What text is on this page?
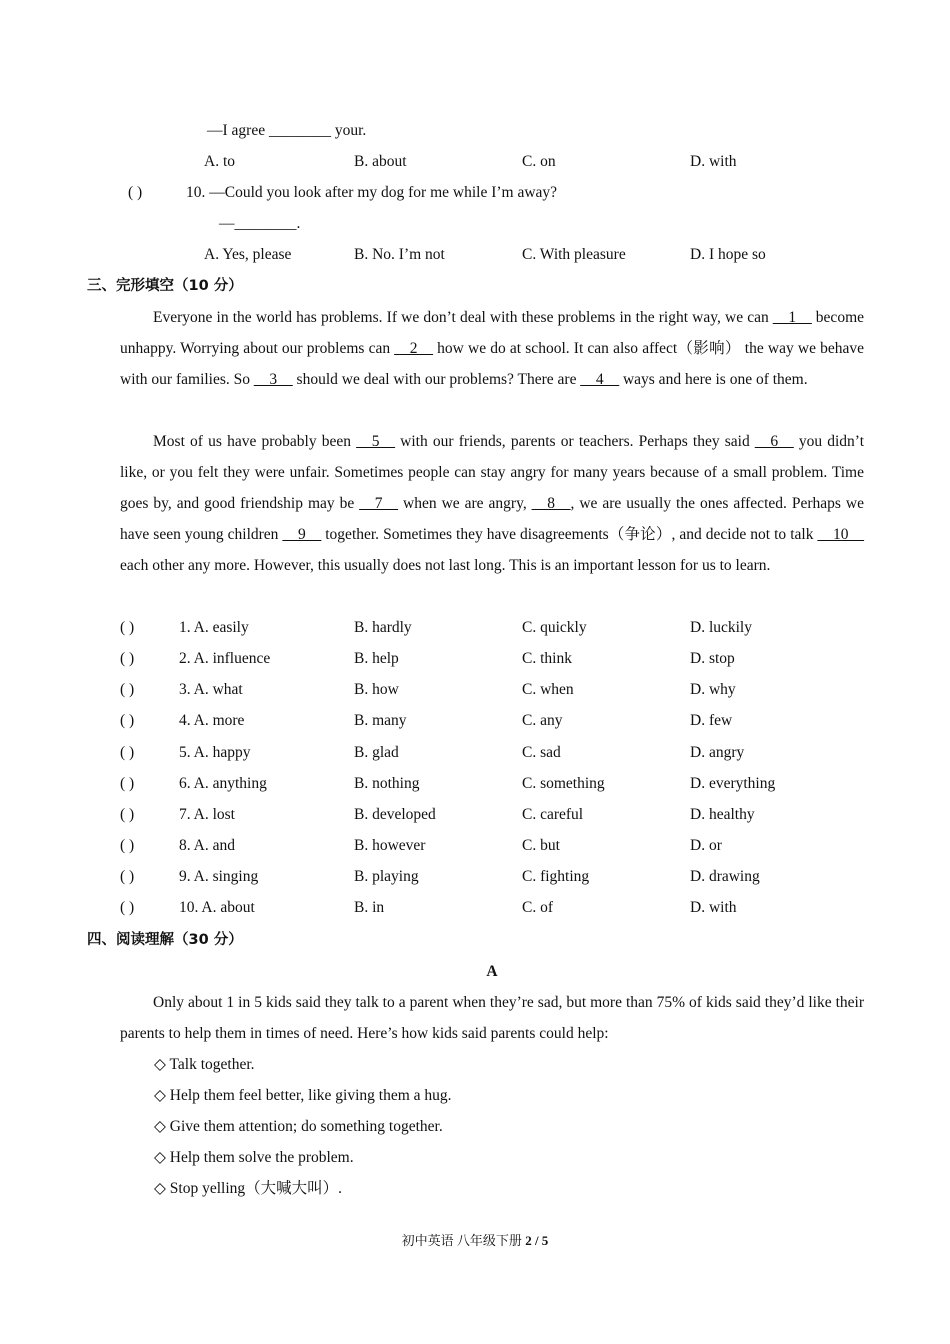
—I agree ________ your.
A. to	B. about	C. on	D. with
( )	10. —Could you look after my dog for me while I’m away?
—________.
A. Yes, please	B. No. I’m not	C. With pleasure	D. I hope so
三、完形填空（10 分）

Everyone in the world has problems. If we don’t deal with these problems in the right way, we can __1__ become unhappy. Worrying about our problems can __2__ how we do at school. It can also affect（影响） the way we behave with our families. So __3__ should we deal with our problems? There are __4__ ways and here is one of them.

Most of us have probably been __5__ with our friends, parents or teachers. Perhaps they said __6__ you didn’t like, or you felt they were unfair. Sometimes people can stay angry for many years because of a small problem. Time goes by, and good friendship may be __7__ when we are angry, __8__, we are usually the ones affected. Perhaps we have seen young children __9__ together. Sometimes they have disagreements（争论）, and decide not to talk __10__ each other any more. However, this usually does not last long. This is an important lesson for us to learn.

( )	1. A. easily	B. hardly	C. quickly	D. luckily
( )	2. A. influence	B. help	C. think	D. stop
( )	3. A. what	B. how	C. when	D. why
( )	4. A. more	B. many	C. any	D. few
( )	5. A. happy	B. glad	C. sad	D. angry
( )	6. A. anything	B. nothing	C. something	D. everything
( )	7. A. lost	B. developed	C. careful	D. healthy
( )	8. A. and	B. however	C. but	D. or
( )	9. A. singing	B. playing	C. fighting	D. drawing
( )	10. A. about	B. in	C. of	D. with
四、阅读理解（30 分）
A

Only about 1 in 5 kids said they talk to a parent when they’re sad, but more than 75% of kids said they’d like their parents to help them in times of need. Here’s how kids said parents could help:

◇ Talk together.
◇ Help them feel better, like giving them a hug.
◇ Give them attention; do something together.
◇ Help them solve the problem.
◇ Stop yelling（大喊大叫）.
初中英语 八年级下册 2 / 5
